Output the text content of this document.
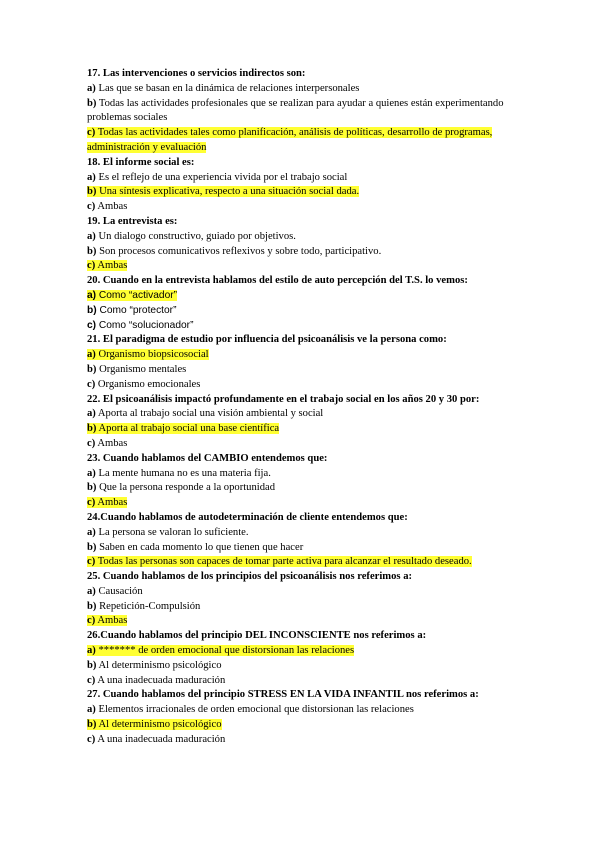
17. Las intervenciones o servicios indirectos son:
a) Las que se basan en la dinámica de relaciones interpersonales
b) Todas las actividades profesionales que se realizan para ayudar a quienes están experimentando problemas sociales
c) Todas las actividades tales como planificación, análisis de políticas, desarrollo de programas, administración y evaluación
18. El informe social es:
a) Es el reflejo de una experiencia vivida por el trabajo social
b) Una síntesis explicativa, respecto a una situación social dada.
c) Ambas
19. La entrevista es:
a) Un dialogo constructivo, guiado por objetivos.
b) Son procesos comunicativos reflexivos y sobre todo, participativo.
c) Ambas
20. Cuando en la entrevista hablamos del estilo de auto percepción del T.S. lo vemos:
a) Como “activador”
b) Como “protector”
c) Como “solucionador”
21. El paradigma de estudio por influencia del psicoanálisis ve la persona como:
a) Organismo biopsicosocial
b) Organismo mentales
c) Organismo emocionales
22. El psicoanálisis impactó profundamente en el trabajo social en los años 20 y 30 por:
a) Aporta al trabajo social una visión ambiental y social
b) Aporta al trabajo social una base científica
c) Ambas
23. Cuando hablamos del CAMBIO entendemos que:
a) La mente humana no es una materia fija.
b) Que la persona responde a la oportunidad
c) Ambas
24.Cuando hablamos de autodeterminación de cliente entendemos que:
a) La persona se valoran lo suficiente.
b) Saben en cada momento lo que tienen que hacer
c) Todas las personas son capaces de tomar parte activa para alcanzar el resultado deseado.
25. Cuando hablamos de los principios del psicoanálisis nos referimos a:
a) Causación
b) Repetición-Compulsión
c) Ambas
26.Cuando hablamos del principio DEL INCONSCIENTE nos referimos a:
a) ******* de orden emocional que distorsionan las relaciones
b) Al determinismo psicológico
c) A una inadecuada maduración
27. Cuando hablamos del principio STRESS EN LA VIDA INFANTIL nos referimos a:
a) Elementos irracionales de orden emocional que distorsionan las relaciones
b) Al determinismo psicológico
c) A una inadecuada maduración
